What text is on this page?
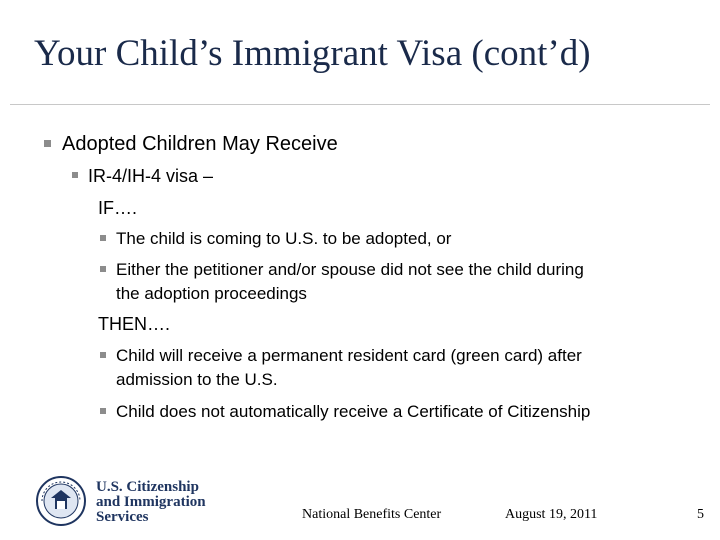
Your Child’s Immigrant Visa (cont’d)
Adopted Children May Receive
IR-4/IH-4 visa –
IF….
The child is coming to U.S. to be adopted, or
Either the petitioner and/or spouse did not see the child during
the adoption proceedings
THEN….
Child will receive a permanent resident card (green card) after
admission to the U.S.
Child does not automatically receive a Certificate of Citizenship
U.S. Citizenship
and Immigration
Services	National Benefits Center	August 19, 2011	5
